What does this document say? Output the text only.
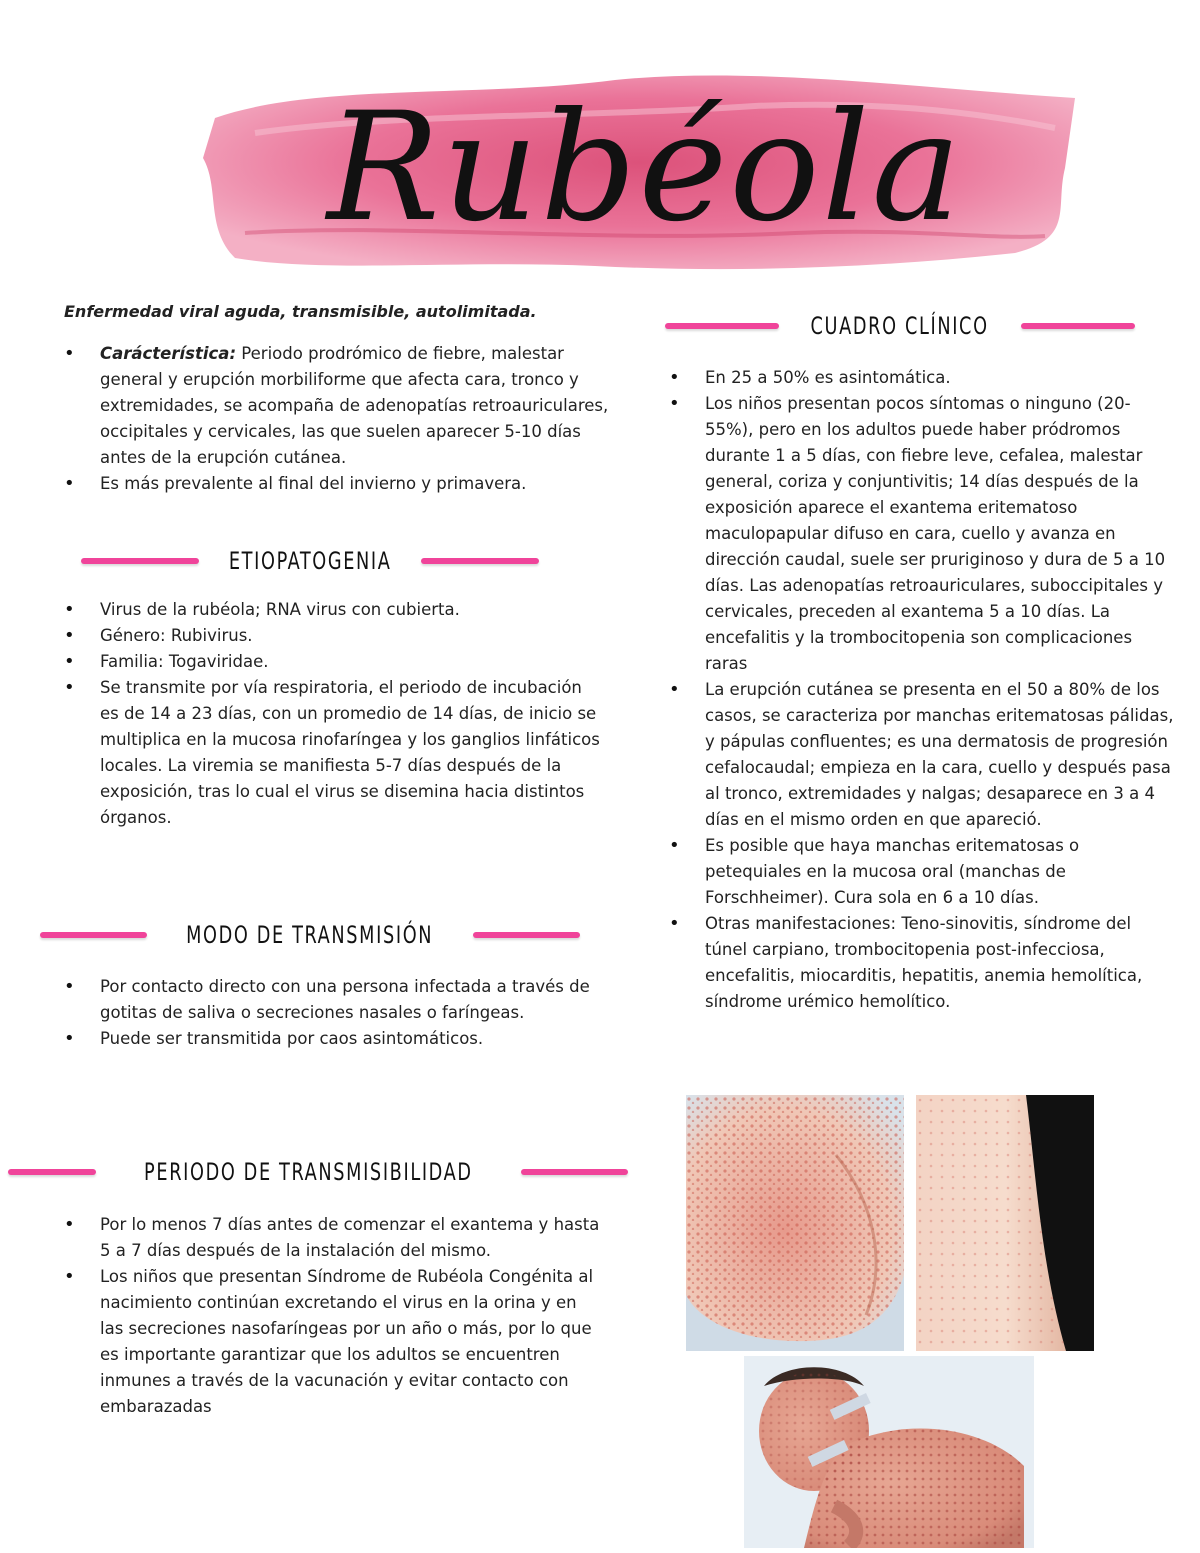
Rubéola
Enfermedad viral aguda, transmisible, autolimitada.
• Carácterística: Periodo prodrómico de fiebre, malestar general y erupción morbiliforme que afecta cara, tronco y extremidades, se acompaña de adenopatías retroauriculares, occipitales y cervicales, las que suelen aparecer 5-10 días antes de la erupción cutánea.
• Es más prevalente al final del invierno y primavera.
ETIOPATOGENIA
• Virus de la rubéola; RNA virus con cubierta.
• Género: Rubivirus.
• Familia: Togaviridae.
• Se transmite por vía respiratoria, el periodo de incubación es de 14 a 23 días, con un promedio de 14 días, de inicio se multiplica en la mucosa rinofaríngea y los ganglios linfáticos locales. La viremia se manifiesta 5-7 días después de la exposición, tras lo cual el virus se disemina hacia distintos órganos.
MODO DE TRANSMISIÓN
• Por contacto directo con una persona infectada a través de gotitas de saliva o secreciones nasales o faríngeas.
• Puede ser transmitida por caos asintomáticos.
PERIODO DE TRANSMISIBILIDAD
• Por lo menos 7 días antes de comenzar el exantema y hasta 5 a 7 días después de la instalación del mismo.
• Los niños que presentan Síndrome de Rubéola Congénita al nacimiento continúan excretando el virus en la orina y en las secreciones nasofaríngeas por un año o más, por lo que es importante garantizar que los adultos se encuentren inmunes a través de la vacunación y evitar contacto con embarazadas
CUADRO CLÍNICO
• En 25 a 50% es asintomática.
• Los niños presentan pocos síntomas o ninguno (20-55%), pero en los adultos puede haber pródromos durante 1 a 5 días, con fiebre leve, cefalea, malestar general, coriza y conjuntivitis; 14 días después de la exposición aparece el exantema eritematoso maculopapular difuso en cara, cuello y avanza en dirección caudal, suele ser pruriginoso y dura de 5 a 10 días. Las adenopatías retroauriculares, suboccipitales y cervicales, preceden al exantema 5 a 10 días. La encefalitis y la trombocitopenia son complicaciones raras
• La erupción cutánea se presenta en el 50 a 80% de los casos, se caracteriza por manchas eritematosas pálidas, y pápulas confluentes; es una dermatosis de progresión cefalocaudal; empieza en la cara, cuello y después pasa al tronco, extremidades y nalgas; desaparece en 3 a 4 días en el mismo orden en que apareció.
• Es posible que haya manchas eritematosas o petequiales en la mucosa oral (manchas de Forschheimer). Cura sola en 6 a 10 días.
• Otras manifestaciones: Teno-sinovitis, síndrome del túnel carpiano, trombocitopenia post-infecciosa, encefalitis, miocarditis, hepatitis, anemia hemolítica, síndrome urémico hemolítico.
